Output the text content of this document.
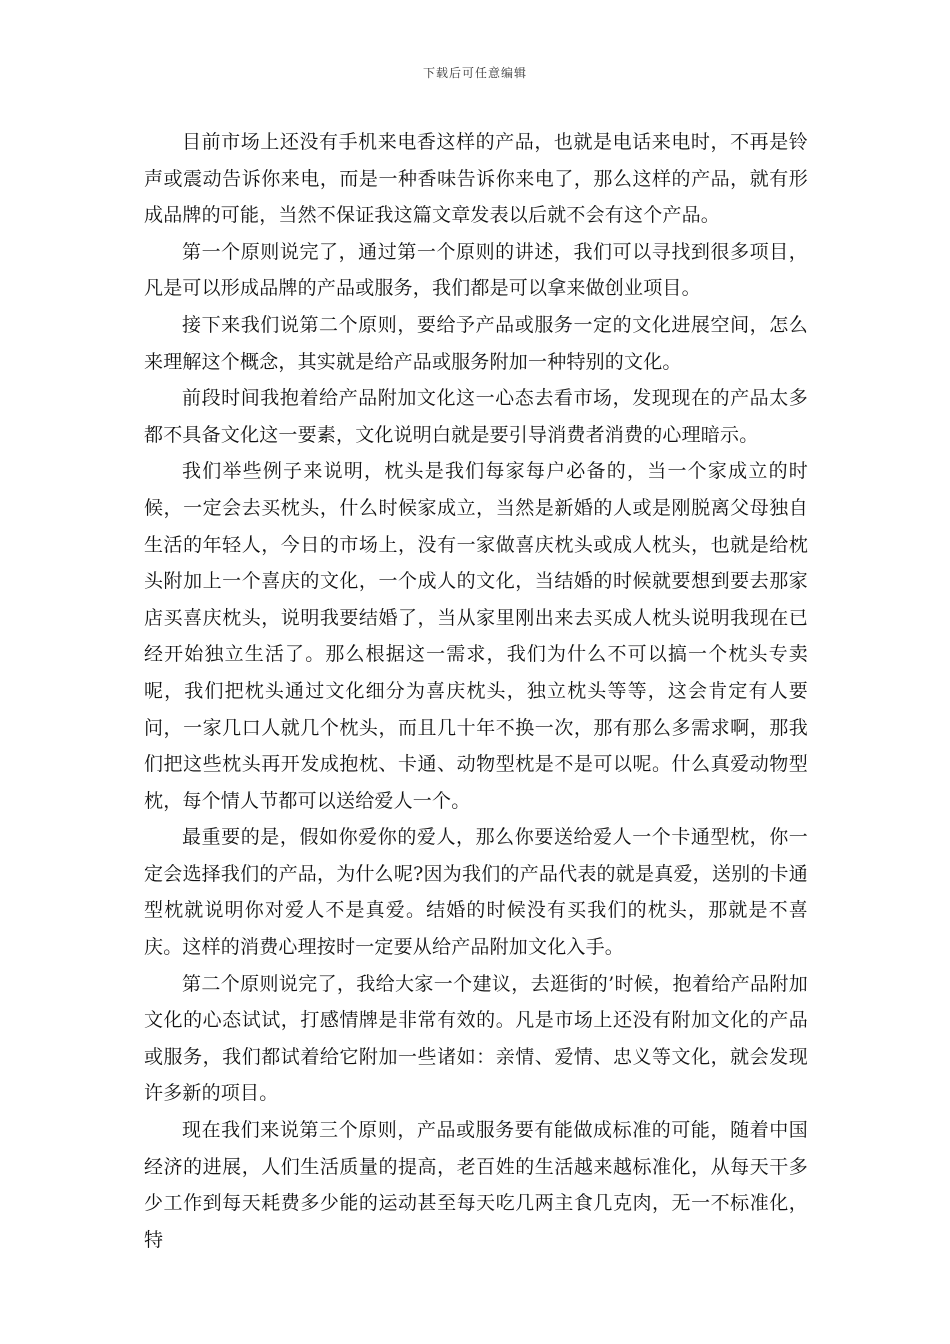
下载后可任意编辑

目前市场上还没有手机来电香这样的产品，也就是电话来电时，不再是铃声或震动告诉你来电，而是一种香味告诉你来电了，那么这样的产品，就有形成品牌的可能，当然不保证我这篇文章发表以后就不会有这个产品。

第一个原则说完了，通过第一个原则的讲述，我们可以寻找到很多项目，凡是可以形成品牌的产品或服务，我们都是可以拿来做创业项目。

接下来我们说第二个原则，要给予产品或服务一定的文化进展空间，怎么来理解这个概念，其实就是给产品或服务附加一种特别的文化。

前段时间我抱着给产品附加文化这一心态去看市场，发现现在的产品太多都不具备文化这一要素，文化说明白就是要引导消费者消费的心理暗示。

我们举些例子来说明，枕头是我们每家每户必备的，当一个家成立的时候，一定会去买枕头，什么时候家成立，当然是新婚的人或是刚脱离父母独自生活的年轻人，今日的市场上，没有一家做喜庆枕头或成人枕头，也就是给枕头附加上一个喜庆的文化，一个成人的文化，当结婚的时候就要想到要去那家店买喜庆枕头，说明我要结婚了，当从家里刚出来去买成人枕头说明我现在已经开始独立生活了。那么根据这一需求，我们为什么不可以搞一个枕头专卖呢，我们把枕头通过文化细分为喜庆枕头，独立枕头等等，这会肯定有人要问，一家几口人就几个枕头，而且几十年不换一次，那有那么多需求啊，那我们把这些枕头再开发成抱枕、卡通、动物型枕是不是可以呢。什么真爱动物型枕，每个情人节都可以送给爱人一个。

最重要的是，假如你爱你的爱人，那么你要送给爱人一个卡通型枕，你一定会选择我们的产品，为什么呢?因为我们的产品代表的就是真爱，送别的卡通型枕就说明你对爱人不是真爱。结婚的时候没有买我们的枕头，那就是不喜庆。这样的消费心理按时一定要从给产品附加文化入手。

第二个原则说完了，我给大家一个建议，去逛街的’时候，抱着给产品附加文化的心态试试，打感情牌是非常有效的。凡是市场上还没有附加文化的产品或服务，我们都试着给它附加一些诸如：亲情、爱情、忠义等文化，就会发现许多新的项目。

现在我们来说第三个原则，产品或服务要有能做成标准的可能，随着中国经济的进展，人们生活质量的提高，老百姓的生活越来越标准化，从每天干多少工作到每天耗费多少能的运动甚至每天吃几两主食几克肉，无一不标准化，特
